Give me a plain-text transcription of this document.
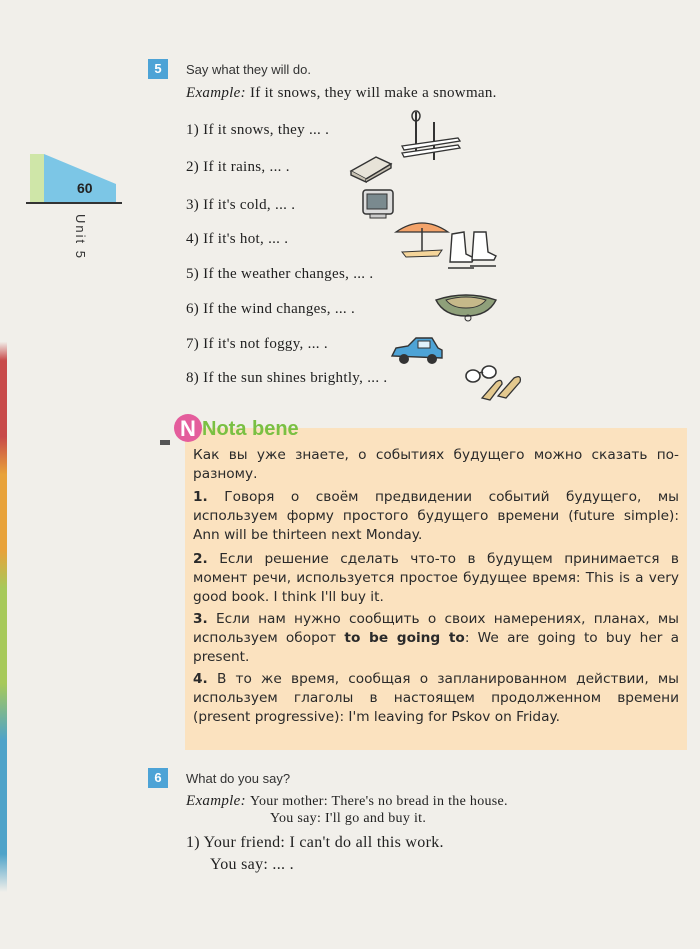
60
Unit 5
5	Say what they will do.
Example: If it snows, they will make a snowman.
1) If it snows, they ... .
2) If it rains, ... .
3) If it's cold, ... .
4) If it's hot, ... .
5) If the weather changes, ... .
6) If the wind changes, ... .
7) If it's not foggy, ... .
8) If the sun shines brightly, ... .
N Nota bene
Как вы уже знаете, о событиях будущего можно сказать по-разному.
1. Говоря о своём предвидении событий будущего, мы используем форму простого будущего времени (future simple): Ann will be thirteen next Monday.
2. Если решение сделать что-то в будущем принимается в момент речи, используется простое будущее время: This is a very good book. I think I'll buy it.
3. Если нам нужно сообщить о своих намерениях, планах, мы используем оборот to be going to: We are going to buy her a present.
4. В то же время, сообщая о запланированном действии, мы используем глаголы в настоящем продолженном времени (present progressive): I'm leaving for Pskov on Friday.
6	What do you say?
Example: Your mother: There's no bread in the house.
You say: I'll go and buy it.
1) Your friend: I can't do all this work.
You say: ... .
